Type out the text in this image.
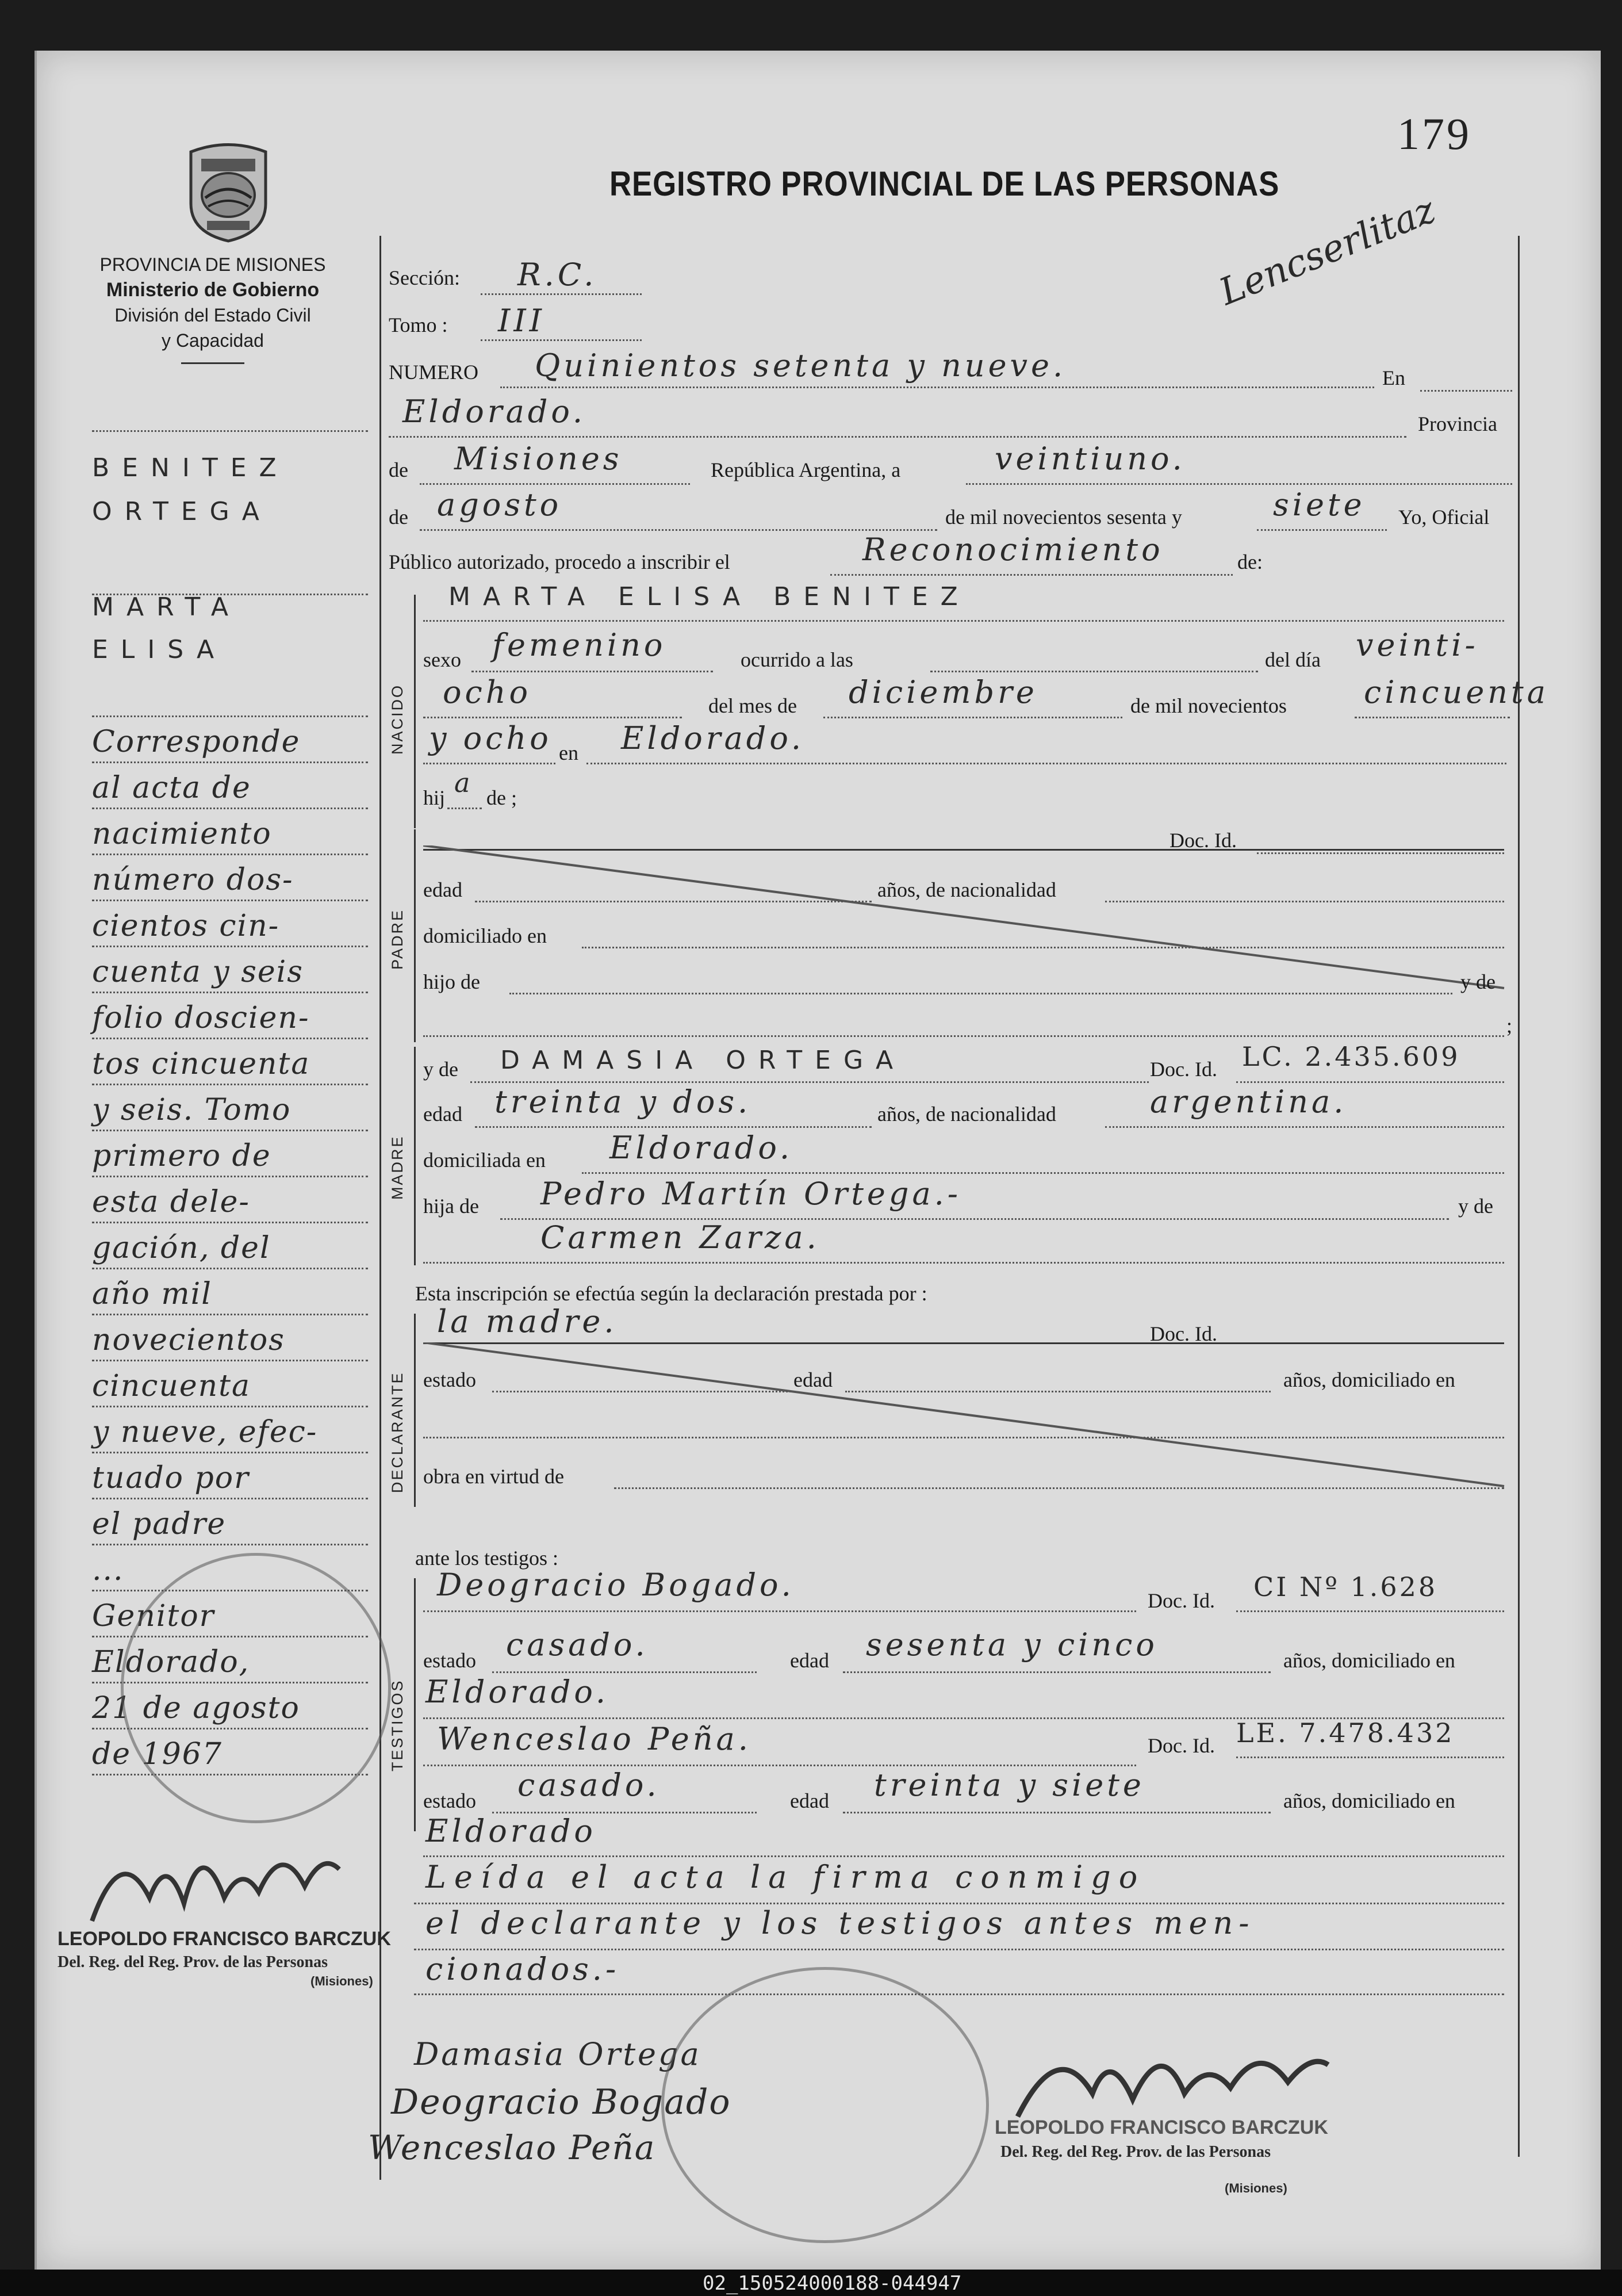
179
PROVINCIA DE MISIONES
Ministerio de Gobierno
División del Estado Civil
y Capacidad
REGISTRO PROVINCIAL DE LAS PERSONAS
Lencserlitaz
BENITEZ
ORTEGA
MARTA
ELISA
Corresponde
al acta de
nacimiento
número dos-
cientos cin-
cuenta y seis
folio doscien-
tos cincuenta
y seis. Tomo
primero de
esta dele-
gación, del
año mil
novecientos
cincuenta
y nueve, efec-
tuado por
el padre
...
Genitor
Eldorado,
21 de agosto
de 1967
Sección: R.C.
Tomo : III
NUMERO Quinientos setenta y nueve.	En
Eldorado.	Provincia
de Misiones	República Argentina, a	veintiuno.
de agosto	de mil novecientos sesenta y	siete Yo, Oficial
Público autorizado, procedo a inscribir el	Reconocimiento	de:
NACIDO
MARTA ELISA BENITEZ
sexo femenino	ocurrido a las	del día veinti-
ocho	del mes de diciembre	de mil novecientos cincuenta
y ocho en Eldorado.
hij a de ;
PADRE
Doc. Id.
edad	años, de nacionalidad
domiciliado en
hijo de	y de
;
MADRE
y de DAMASIA ORTEGA	Doc. Id. LC. 2.435.609
edad treinta y dos.	años, de nacionalidad	argentina.
domiciliada en Eldorado.
hija de Pedro Martín Ortega.-	y de
Carmen Zarza.
Esta inscripción se efectúa según la declaración prestada por :
DECLARANTE
la madre.	Doc. Id.
estado	edad	años, domiciliado en
obra en virtud de
ante los testigos :
TESTIGOS
Deogracio Bogado.	Doc. Id. CI Nº 1.628
estado casado.	edad sesenta y cinco	años, domiciliado en
Eldorado.
Wenceslao Peña.	Doc. Id. LE. 7.478.432
estado casado.	edad treinta y siete	años, domiciliado en
Eldorado
Leída el acta la firma conmigo
el declarante y los testigos antes men-
cionados.-
Damasia Ortega
Deogracio Bogado
Wenceslao Peña
LEOPOLDO FRANCISCO BARCZUK
Del. Reg. del Reg. Prov. de las Personas
(Misiones)
LEOPOLDO FRANCISCO BARCZUK
Del. Reg. del Reg. Prov. de las Personas
(Misiones)
02_150524000188-044947
